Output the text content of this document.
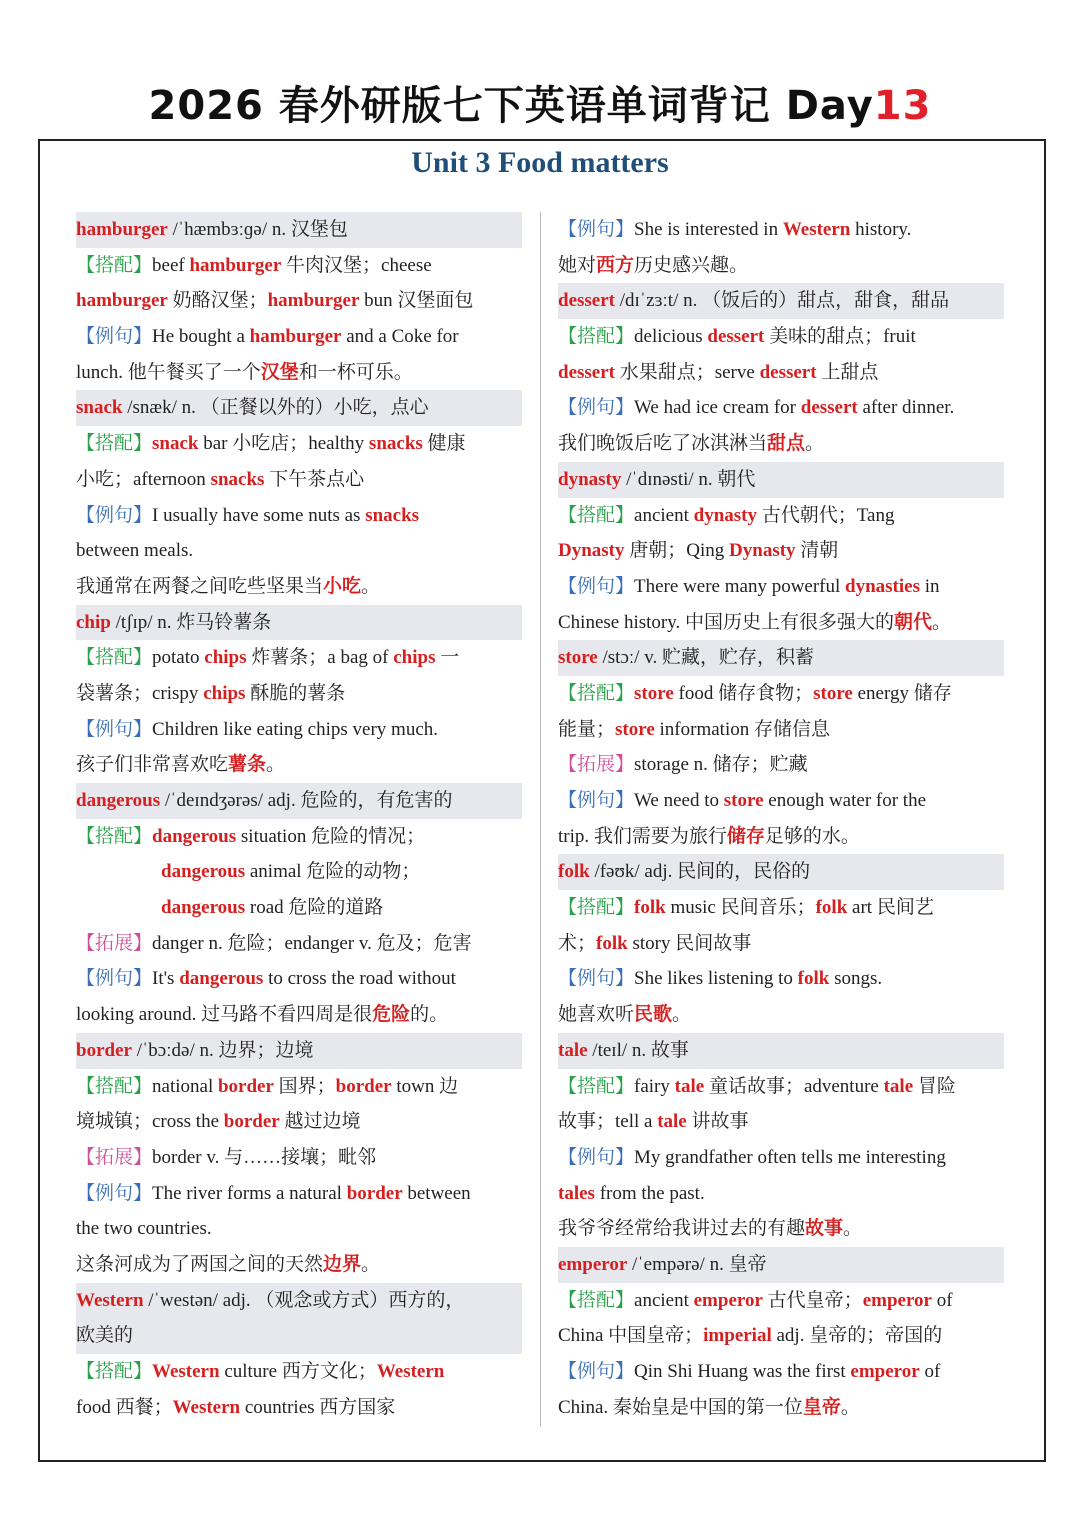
2026 春外研版七下英语单词背记 Day13
Unit 3 Food matters
hamburger /ˈhæmbɜːɡə/ n. 汉堡包
【搭配】beef hamburger 牛肉汉堡；cheese
hamburger 奶酪汉堡；hamburger bun 汉堡面包
【例句】He bought a hamburger and a Coke for
lunch. 他午餐买了一个汉堡和一杯可乐。
snack /snæk/ n. （正餐以外的）小吃，点心
【搭配】snack bar 小吃店；healthy snacks 健康
小吃；afternoon snacks 下午茶点心
【例句】I usually have some nuts as snacks
between meals.
我通常在两餐之间吃些坚果当小吃。
chip /tʃɪp/ n. 炸马铃薯条
【搭配】potato chips 炸薯条；a bag of chips 一
袋薯条；crispy chips 酥脆的薯条
【例句】Children like eating chips very much.
孩子们非常喜欢吃薯条。
dangerous /ˈdeɪndʒərəs/ adj. 危险的，有危害的
【搭配】dangerous situation 危险的情况；
dangerous animal 危险的动物；
dangerous road 危险的道路
【拓展】danger n. 危险；endanger v. 危及；危害
【例句】It's dangerous to cross the road without
looking around. 过马路不看四周是很危险的。
border /ˈbɔːdə/ n. 边界；边境
【搭配】national border 国界；border town 边
境城镇；cross the border 越过边境
【拓展】border v. 与……接壤；毗邻
【例句】The river forms a natural border between
the two countries.
这条河成为了两国之间的天然边界。
Western /ˈwestən/ adj. （观念或方式）西方的，
欧美的
【搭配】Western culture 西方文化；Western
food 西餐；Western countries 西方国家
【例句】She is interested in Western history.
她对西方历史感兴趣。
dessert /dɪˈzɜːt/ n. （饭后的）甜点，甜食，甜品
【搭配】delicious dessert 美味的甜点；fruit
dessert 水果甜点；serve dessert 上甜点
【例句】We had ice cream for dessert after dinner.
我们晚饭后吃了冰淇淋当甜点。
dynasty /ˈdɪnəsti/ n. 朝代
【搭配】ancient dynasty 古代朝代；Tang
Dynasty 唐朝；Qing Dynasty 清朝
【例句】There were many powerful dynasties in
Chinese history. 中国历史上有很多强大的朝代。
store /stɔː/ v. 贮藏，贮存，积蓄
【搭配】store food 储存食物；store energy 储存
能量；store information 存储信息
【拓展】storage n. 储存；贮藏
【例句】We need to store enough water for the
trip. 我们需要为旅行储存足够的水。
folk /fəʊk/ adj. 民间的，民俗的
【搭配】folk music 民间音乐；folk art 民间艺
术；folk story 民间故事
【例句】She likes listening to folk songs.
她喜欢听民歌。
tale /teɪl/ n. 故事
【搭配】fairy tale 童话故事；adventure tale 冒险
故事；tell a tale 讲故事
【例句】My grandfather often tells me interesting
tales from the past.
我爷爷经常给我讲过去的有趣故事。
emperor /ˈempərə/ n. 皇帝
【搭配】ancient emperor 古代皇帝；emperor of
China 中国皇帝；imperial adj. 皇帝的；帝国的
【例句】Qin Shi Huang was the first emperor of
China. 秦始皇是中国的第一位皇帝。
